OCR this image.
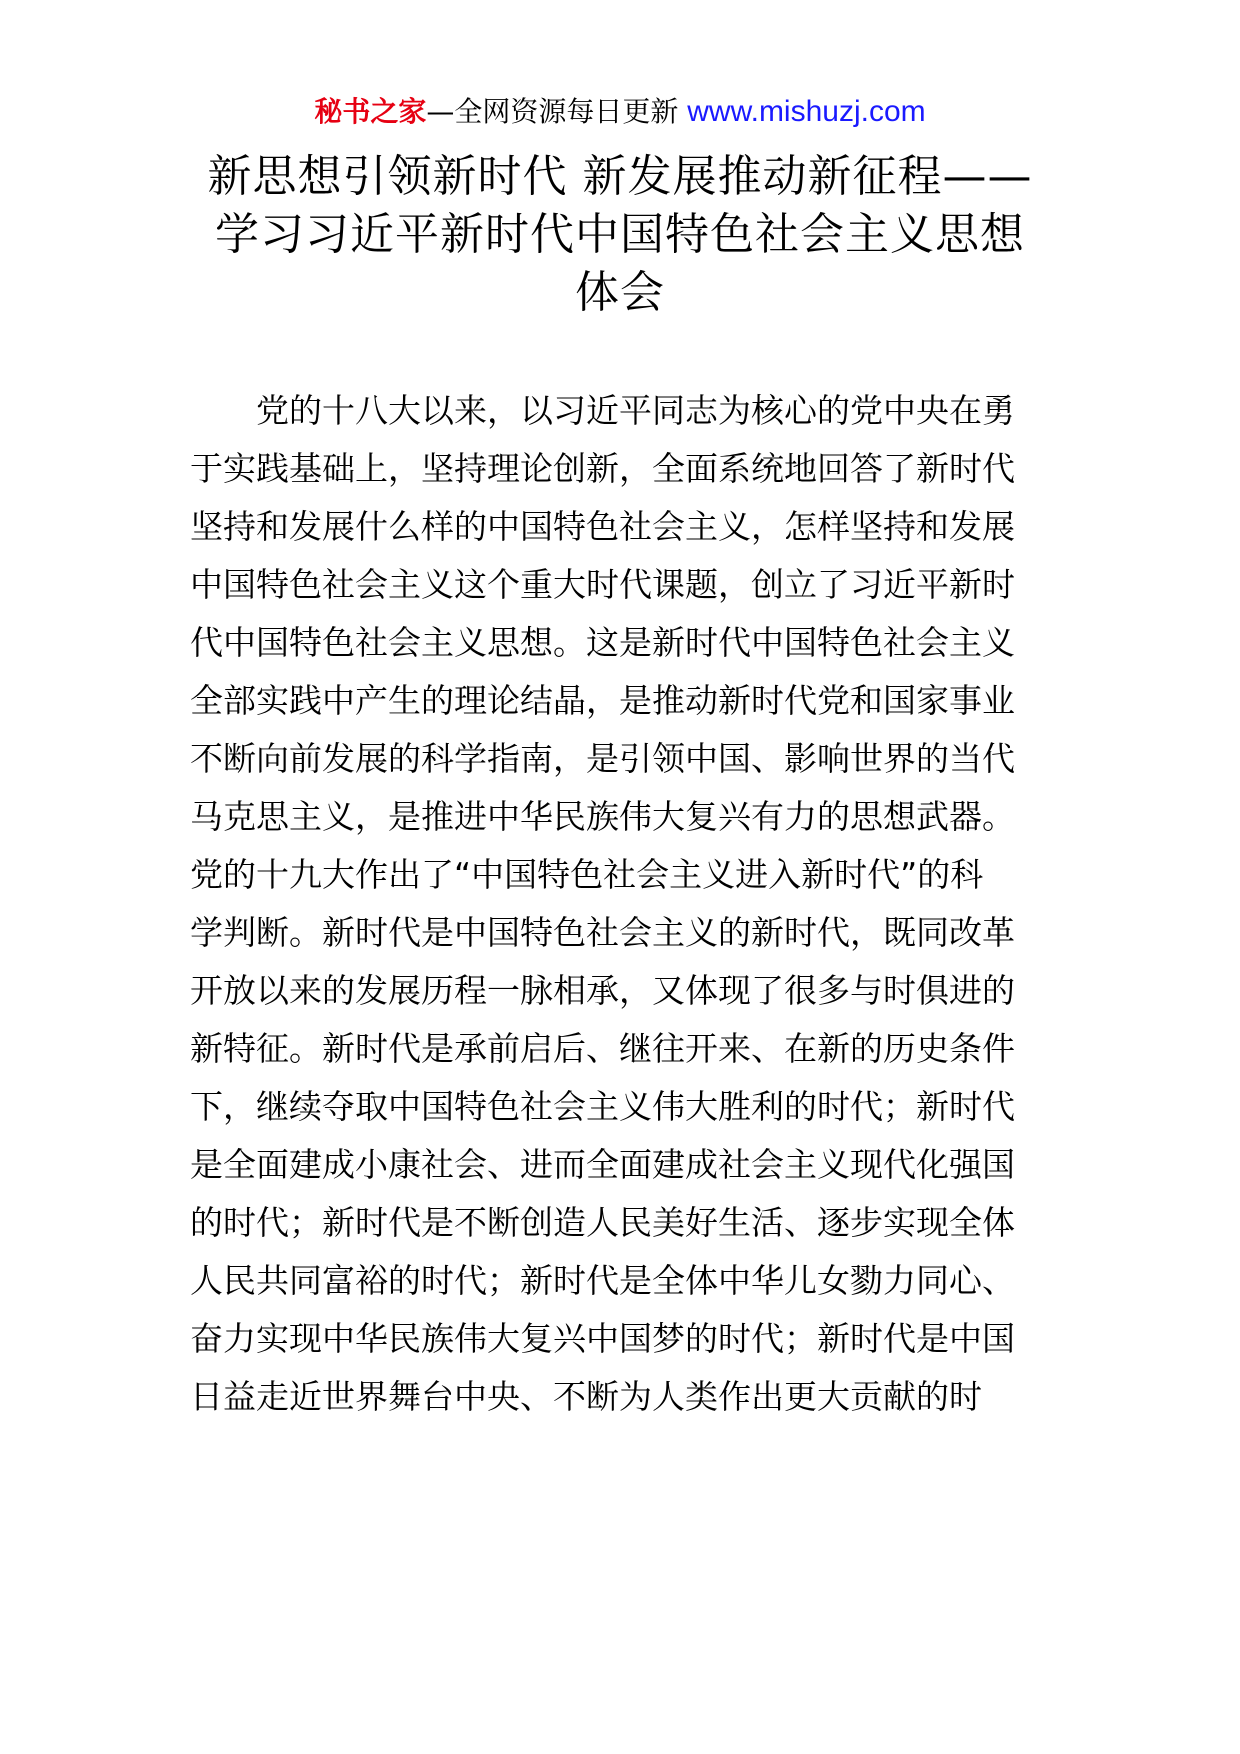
秘书之家—全网资源每日更新 www.mishuzj.com
新思想引领新时代 新发展推动新征程——
学习习近平新时代中国特色社会主义思想
体会
党的十八大以来，以习近平同志为核心的党中央在勇
于实践基础上，坚持理论创新，全面系统地回答了新时代
坚持和发展什么样的中国特色社会主义，怎样坚持和发展
中国特色社会主义这个重大时代课题，创立了习近平新时
代中国特色社会主义思想。这是新时代中国特色社会主义
全部实践中产生的理论结晶，是推动新时代党和国家事业
不断向前发展的科学指南，是引领中国、影响世界的当代
马克思主义，是推进中华民族伟大复兴有力的思想武器。
党的十九大作出了“中国特色社会主义进入新时代”的科
学判断。新时代是中国特色社会主义的新时代，既同改革
开放以来的发展历程一脉相承，又体现了很多与时俱进的
新特征。新时代是承前启后、继往开来、在新的历史条件
下，继续夺取中国特色社会主义伟大胜利的时代；新时代
是全面建成小康社会、进而全面建成社会主义现代化强国
的时代；新时代是不断创造人民美好生活、逐步实现全体
人民共同富裕的时代；新时代是全体中华儿女勠力同心、
奋力实现中华民族伟大复兴中国梦的时代；新时代是中国
日益走近世界舞台中央、不断为人类作出更大贡献的时
